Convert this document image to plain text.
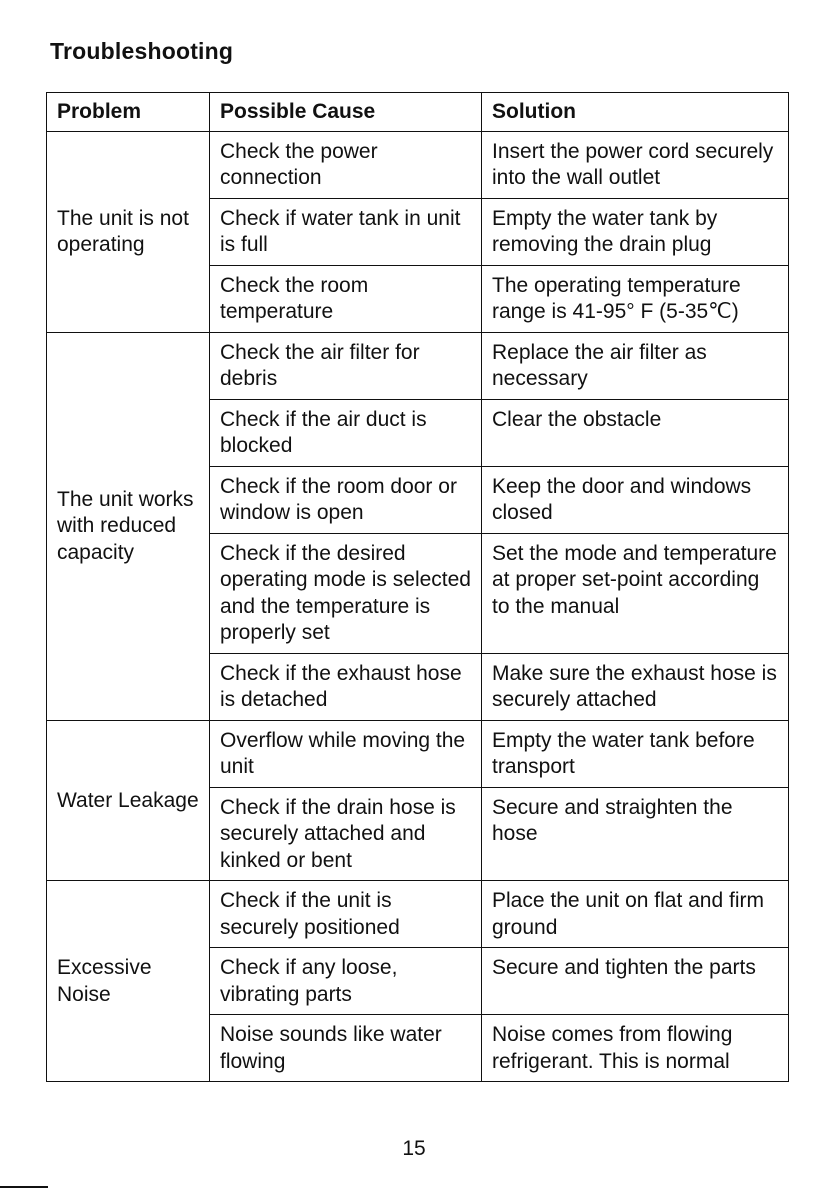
Troubleshooting
Problem	Possible Cause	Solution
The unit is not operating	Check the power connection	Insert the power cord securely into the wall outlet
	Check if water tank in unit is full	Empty the water tank by removing the drain plug
	Check the room temperature	The operating temperature range is 41-95° F (5-35℃)
The unit works with reduced capacity	Check the air filter for debris	Replace the air filter as necessary
	Check if the air duct is blocked	Clear the obstacle
	Check if the room door or window is open	Keep the door and windows closed
	Check if the desired operating mode is selected and the temperature is properly set	Set the mode and temperature at proper set-point according to the manual
	Check if the exhaust hose is detached	Make sure the exhaust hose is securely attached
Water Leakage	Overflow while moving the unit	Empty the water tank before transport
	Check if the drain hose is securely attached and kinked or bent	Secure and straighten the hose
Excessive Noise	Check if the unit is securely positioned	Place the unit on flat and firm ground
	Check if any loose, vibrating parts	Secure and tighten the parts
	Noise sounds like water flowing	Noise comes from flowing refrigerant. This is normal
15
